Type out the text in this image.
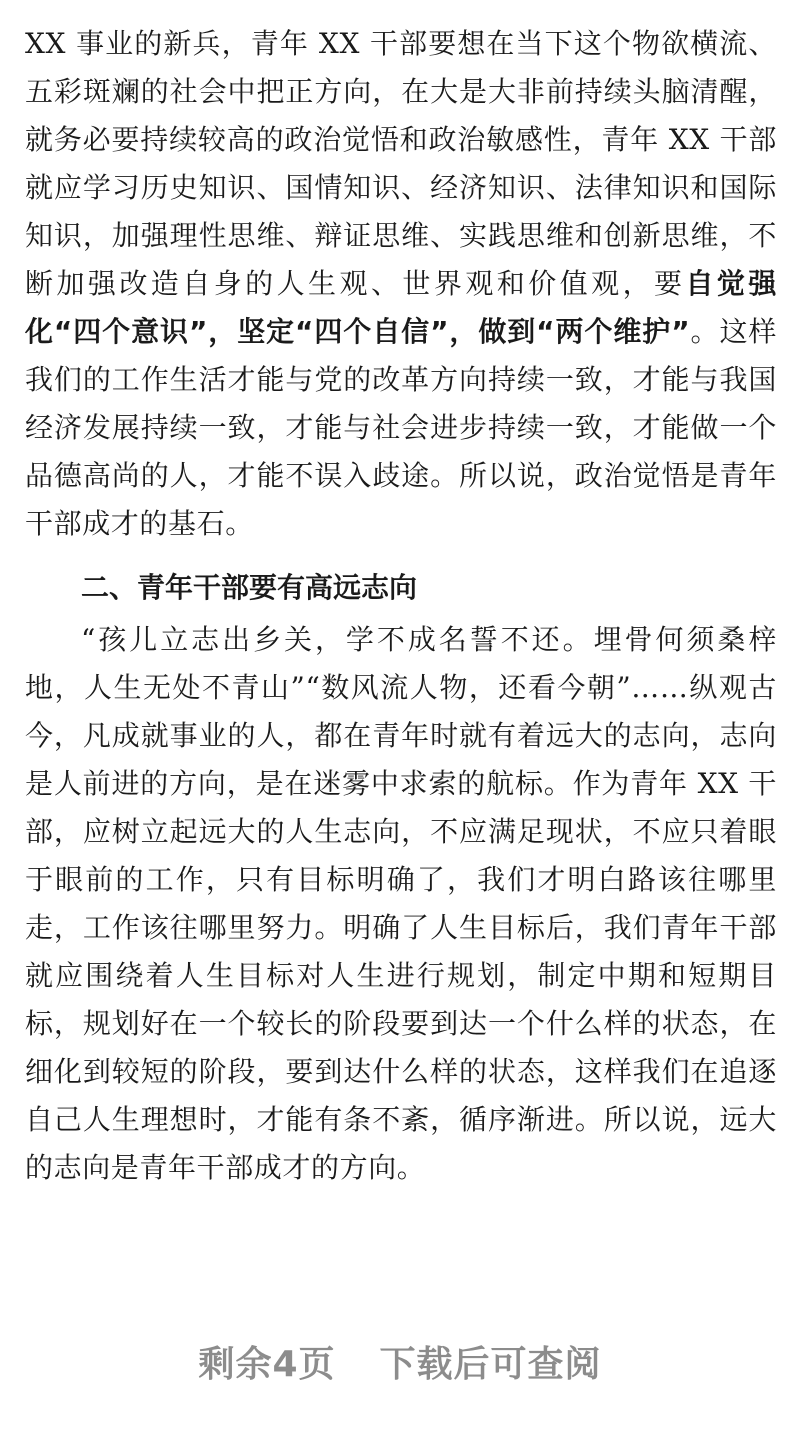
XX 事业的新兵，青年 XX 干部要想在当下这个物欲横流、五彩斑斓的社会中把正方向，在大是大非前持续头脑清醒，就务必要持续较高的政治觉悟和政治敏感性，青年 XX 干部就应学习历史知识、国情知识、经济知识、法律知识和国际知识，加强理性思维、辩证思维、实践思维和创新思维，不断加强改造自身的人生观、世界观和价值观，要自觉强化“四个意识”，坚定“四个自信”，做到“两个维护”。这样我们的工作生活才能与党的改革方向持续一致，才能与我国经济发展持续一致，才能与社会进步持续一致，才能做一个品德高尚的人，才能不误入歧途。所以说，政治觉悟是青年干部成才的基石。

二、青年干部要有高远志向

“孩儿立志出乡关，学不成名誓不还。埋骨何须桑梓地，人生无处不青山”“数风流人物，还看今朝”……纵观古今，凡成就事业的人，都在青年时就有着远大的志向，志向是人前进的方向，是在迷雾中求索的航标。作为青年 XX 干部，应树立起远大的人生志向，不应满足现状，不应只着眼于眼前的工作，只有目标明确了，我们才明白路该往哪里走，工作该往哪里努力。明确了人生目标后，我们青年干部就应围绕着人生目标对人生进行规划，制定中期和短期目标，规划好在一个较长的阶段要到达一个什么样的状态，在细化到较短的阶段，要到达什么样的状态，这样我们在追逐自己人生理想时，才能有条不紊，循序渐进。所以说，远大的志向是青年干部成才的方向。

剩余4页 下载后可查阅
